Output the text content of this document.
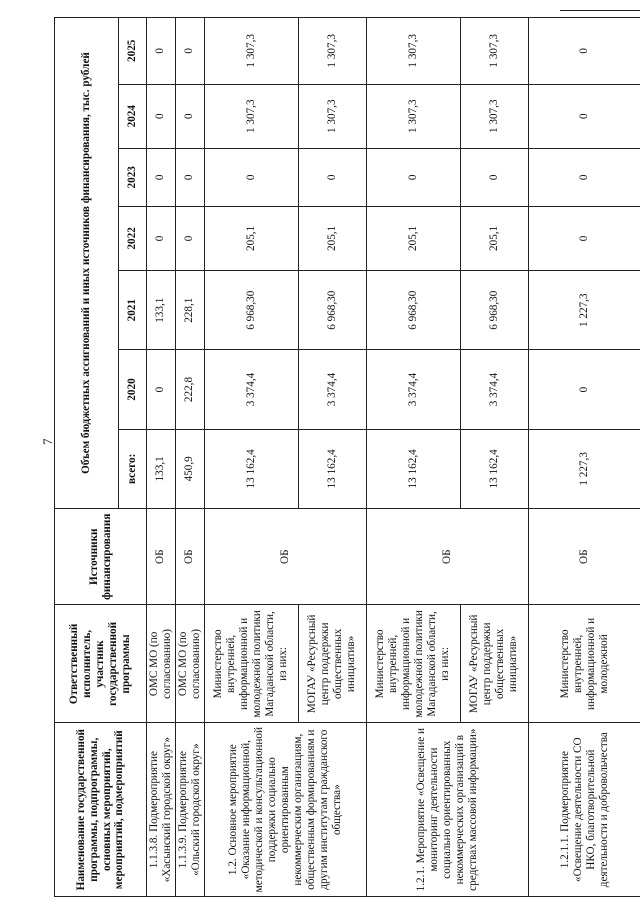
7
Наименование государственной программы, подпрограммы, основных мероприятий, мероприятий, подмероприятий	Ответственный исполнитель, участник государственной программы	Источники финансирования	Объем бюджетных ассигнований и иных источников финансирования, тыс. рублей						
			всего:	2020	2021	2022	2023	2024	2025
1.1.3.8. Подмероприятие «Хасынский городской округ»	ОМС МО (по согласованию)	ОБ	133,1	0	133,1	0	0	0	0
1.1.3.9. Подмероприятие «Ольский городской округ»	ОМС МО (по согласованию)	ОБ	450,9	222,8	228,1	0	0	0	0
1.2. Основное мероприятие «Оказание информационной, методической и консультационной поддержки социально ориентированным некоммерческим организациям, общественным формированиям и другим институтам гражданского общества»	Министерство внутренней, информационной и молодежной политики Магаданской области, из них:	ОБ	13 162,4	3 374,4	6 968,30	205,1	0	1 307,3	1 307,3
	МОГАУ «Ресурсный центр поддержки общественных инициатив»		13 162,4	3 374,4	6 968,30	205,1	0	1 307,3	1 307,3
1.2.1. Мероприятие «Освещение и мониторинг деятельности социально ориентированных некоммерческих организаций в средствах массовой информации»	Министерство внутренней, информационной и молодежной политики Магаданской области, из них:	ОБ	13 162,4	3 374,4	6 968,30	205,1	0	1 307,3	1 307,3
	МОГАУ «Ресурсный центр поддержки общественных инициатив»		13 162,4	3 374,4	6 968,30	205,1	0	1 307,3	1 307,3
1.2.1.1. Подмероприятие «Освещение деятельности СО НКО, благотворительной деятельности и добровольчества	Министерство внутренней, информационной и молодежной	ОБ	1 227,3	0	1 227,3	0	0	0	0
